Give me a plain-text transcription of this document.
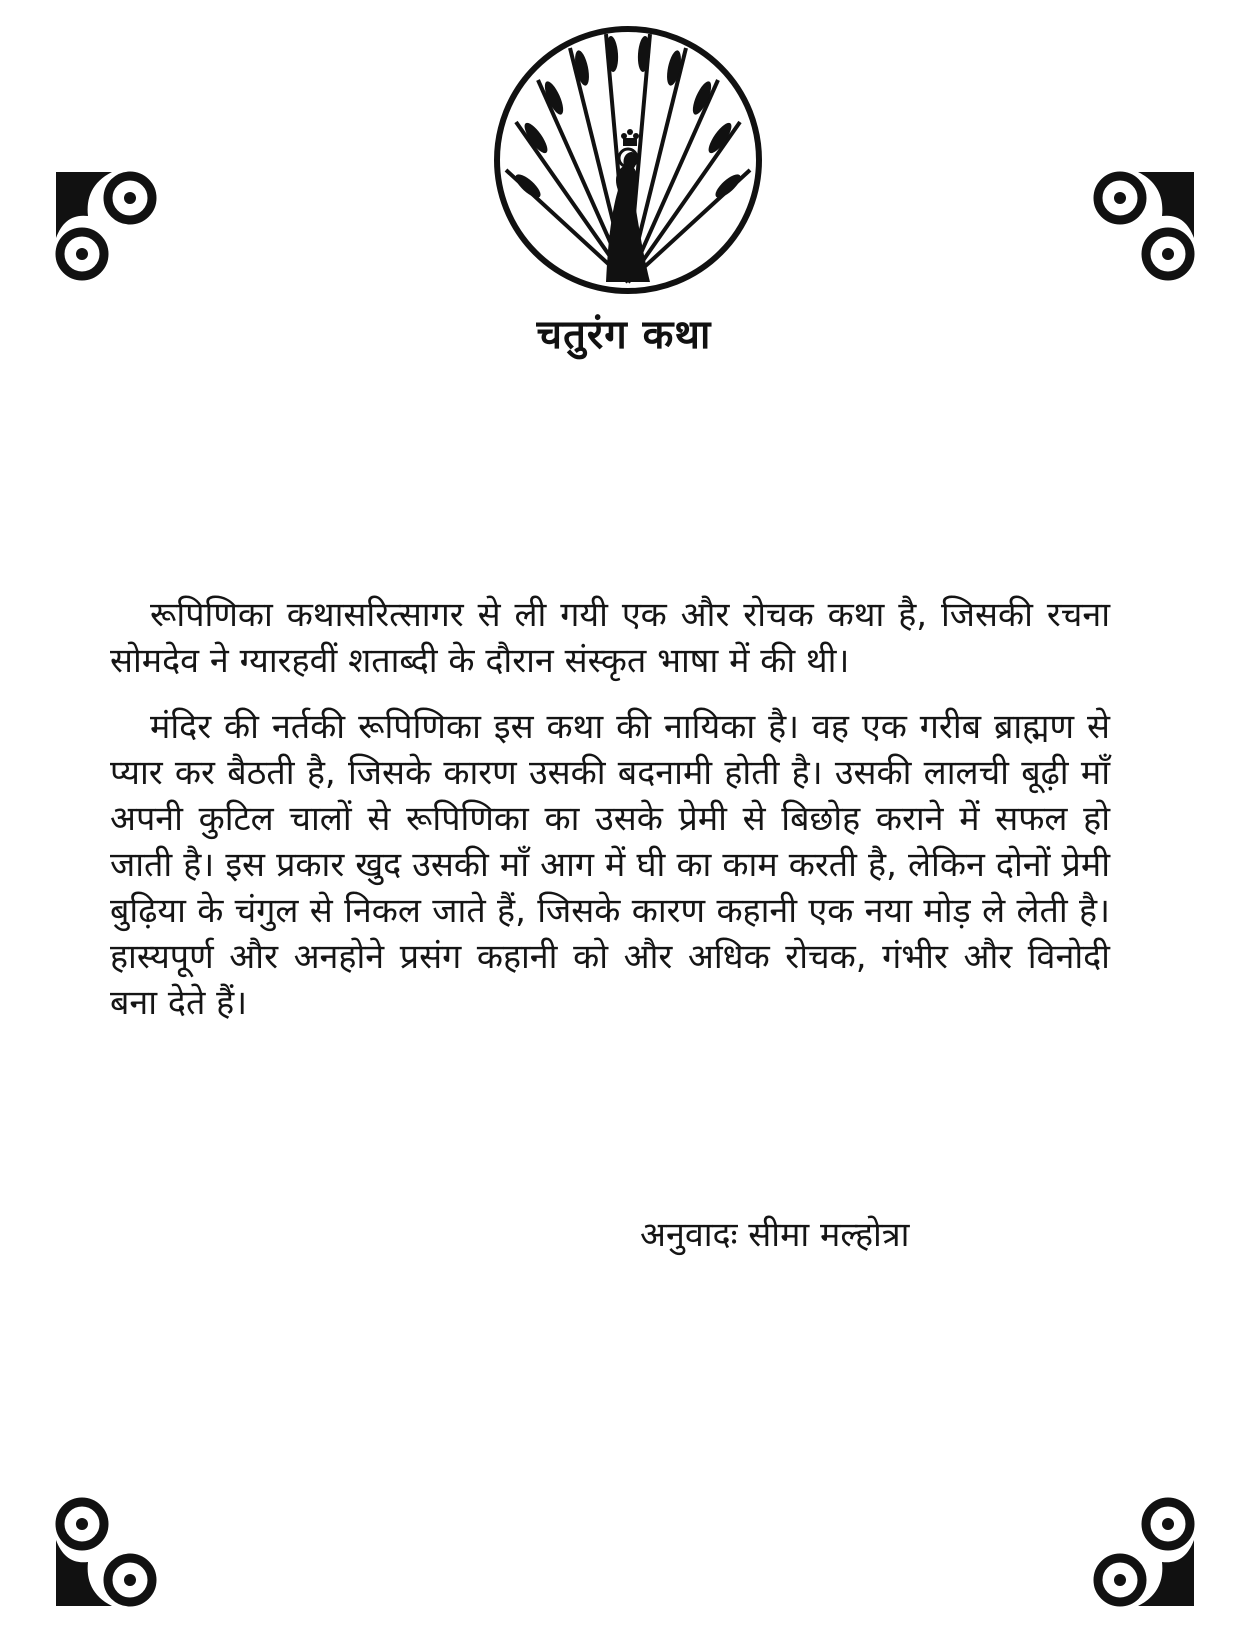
चतुरंग कथा

रूपिणिका कथासरित्सागर से ली गयी एक और रोचक कथा है, जिसकी रचना सोमदेव ने ग्यारहवीं शताब्दी के दौरान संस्कृत भाषा में की थी।

मंदिर की नर्तकी रूपिणिका इस कथा की नायिका है। वह एक गरीब ब्राह्मण से प्यार कर बैठती है, जिसके कारण उसकी बदनामी होती है। उसकी लालची बूढ़ी माँ अपनी कुटिल चालों से रूपिणिका का उसके प्रेमी से बिछोह कराने में सफल हो जाती है। इस प्रकार खुद उसकी माँ आग में घी का काम करती है, लेकिन दोनों प्रेमी बुढ़िया के चंगुल से निकल जाते हैं, जिसके कारण कहानी एक नया मोड़ ले लेती है। हास्यपूर्ण और अनहोने प्रसंग कहानी को और अधिक रोचक, गंभीर और विनोदी बना देते हैं।

अनुवादः सीमा मल्होत्रा
